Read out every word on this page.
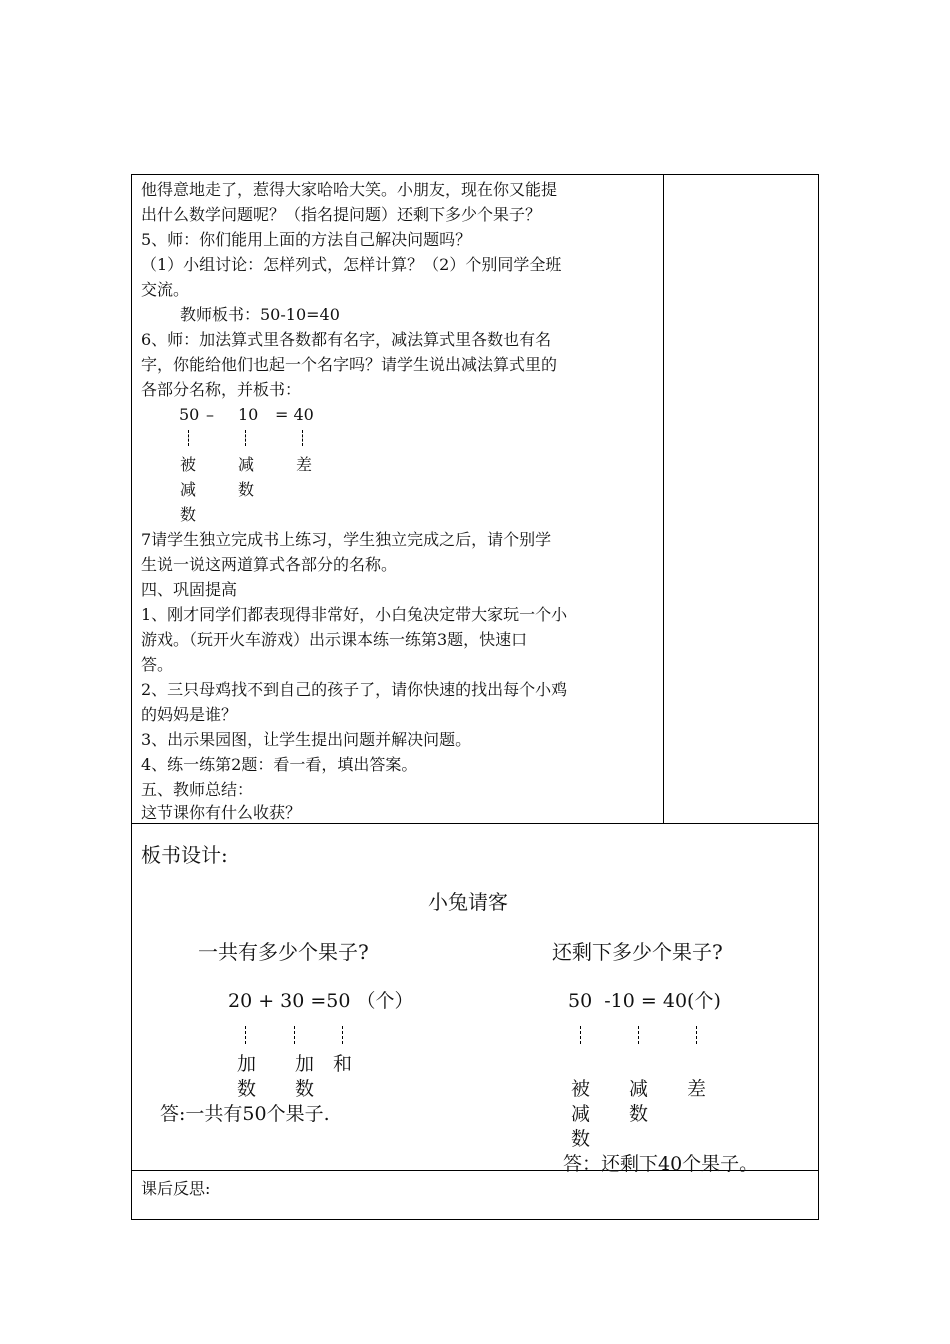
他得意地走了，惹得大家哈哈大笑。小朋友，现在你又能提
出什么数学问题呢？（指名提问题）还剩下多少个果子？
5、师：你们能用上面的方法自己解决问题吗？
（1）小组讨论：怎样列式，怎样计算？（2）个别同学全班
交流。
教师板书：50-10=40
6、师：加法算式里各数都有名字，减法算式里各数也有名
字，你能给他们也起一个名字吗？请学生说出减法算式里的
各部分名称，并板书：
50 – 10 = 40
被
减
数
减
数
差
7请学生独立完成书上练习，学生独立完成之后，请个别学
生说一说这两道算式各部分的名称。
四、巩固提高
1、刚才同学们都表现得非常好，小白兔决定带大家玩一个小
游戏。（玩开火车游戏）出示课本练一练第3题，快速口
答。
2、三只母鸡找不到自己的孩子了，请你快速的找出每个小鸡
的妈妈是谁？
3、出示果园图，让学生提出问题并解决问题。
4、练一练第2题：看一看，填出答案。
五、教师总结：
这节课你有什么收获？
板书设计:
小兔请客
一共有多少个果子?
20 + 30 =50 （个）
加
数
加
数
和
答:一共有50个果子.
还剩下多少个果子?
50  -10 = 40(个)
被
减
数
减
数
差
答：还剩下40个果子。
课后反思:
